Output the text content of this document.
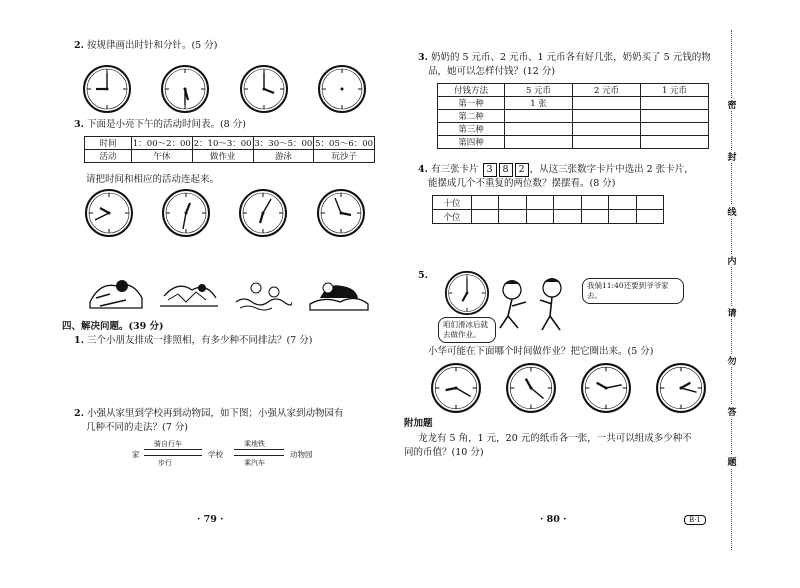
2. 按规律画出时针和分针。(5 分)
3. 下面是小亮下午的活动时间表。(8 分)
时间	1：00～2：00	2：10～3：00	3：30～5：00	5：05～6：00
活动	午休	做作业	游泳	玩沙子
请把时间和相应的活动连起来。
四、解决问题。(39 分)
1. 三个小朋友排成一排照相，有多少种不同排法？(7 分)
2. 小强从家里到学校再到动物园，如下图；小强从家到动物园有
几种不同的走法？(7 分)
家
骑自行车
步行
学校
乘地铁
乘汽车
动物园
· 79 ·
3. 奶奶的 5 元币、2 元币、1 元币各有好几张，奶奶买了 5 元钱的物
品，她可以怎样付钱？(12 分)
付钱方法	5 元币	2 元币	1 元币
第一种	1 张		
第二种			
第三种			
第四种			
4. 有三张卡片 3 8 2 ，从这三张数字卡片中选出 2 张卡片，
能摆成几个不重复的两位数？摆摆看。(8 分)
十位							
个位							
5.
我倘11:40还要到爷爷家去。
咱们滑冰后就去做作业。
小华可能在下面哪个时间做作业？把它圈出来。(5 分)
附加题
龙龙有 5 角，1 元，20 元的纸币各一张，一共可以组成多少种不
同的币值？(10 分)
· 80 ·	B·1
密
封
线
内
请
勿
答
题
